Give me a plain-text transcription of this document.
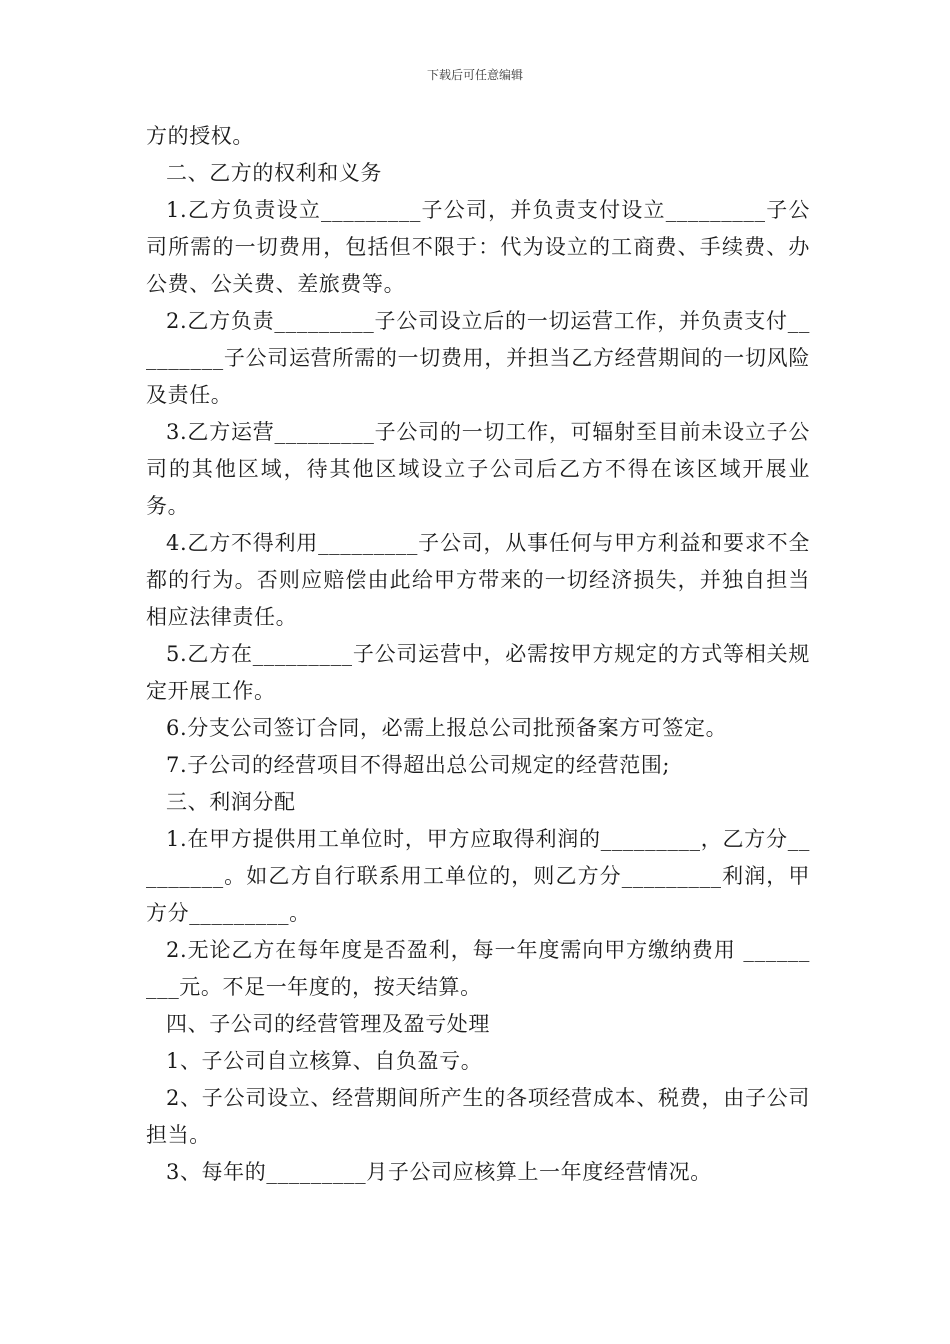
下载后可任意编辑

方的授权。

二、乙方的权利和义务

1.乙方负责设立_________子公司，并负责支付设立_________子公司所需的一切费用，包括但不限于：代为设立的工商费、手续费、办公费、公关费、差旅费等。

2.乙方负责_________子公司设立后的一切运营工作，并负责支付_________子公司运营所需的一切费用，并担当乙方经营期间的一切风险及责任。

3.乙方运营_________子公司的一切工作，可辐射至目前未设立子公司的其他区域，待其他区域设立子公司后乙方不得在该区域开展业务。

4.乙方不得利用_________子公司，从事任何与甲方利益和要求不全都的行为。否则应赔偿由此给甲方带来的一切经济损失，并独自担当相应法律责任。

5.乙方在_________子公司运营中，必需按甲方规定的方式等相关规定开展工作。

6.分支公司签订合同，必需上报总公司批预备案方可签定。

7.子公司的经营项目不得超出总公司规定的经营范围;

三、利润分配

1.在甲方提供用工单位时，甲方应取得利润的_________，乙方分_________。如乙方自行联系用工单位的，则乙方分_________利润，甲方分_________。

2.无论乙方在每年度是否盈利，每一年度需向甲方缴纳费用 _________元。不足一年度的，按天结算。

四、子公司的经营管理及盈亏处理

1、子公司自立核算、自负盈亏。

2、子公司设立、经营期间所产生的各项经营成本、税费，由子公司担当。

3、每年的_________月子公司应核算上一年度经营情况。
